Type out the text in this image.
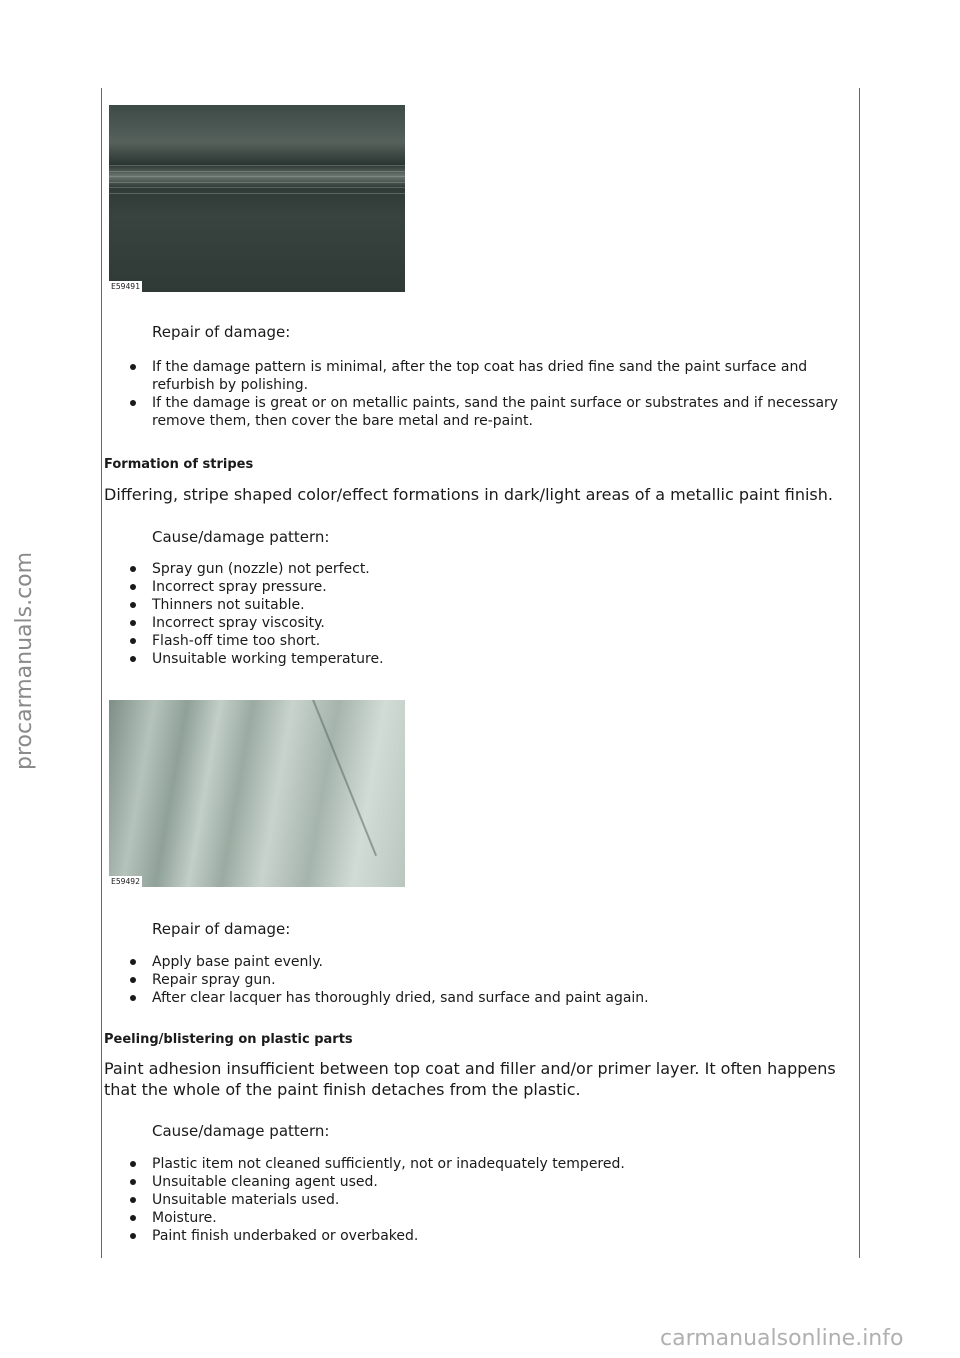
procarmanuals.com
carmanualsonline.info
E59491
Repair of damage:
If the damage pattern is minimal, after the top coat has dried fine sand the paint surface and refurbish by polishing.
If the damage is great or on metallic paints, sand the paint surface or substrates and if necessary remove them, then cover the bare metal and re-paint.
Formation of stripes
Differing, stripe shaped color/effect formations in dark/light areas of a metallic paint finish.
Cause/damage pattern:
Spray gun (nozzle) not perfect.
Incorrect spray pressure.
Thinners not suitable.
Incorrect spray viscosity.
Flash-off time too short.
Unsuitable working temperature.
E59492
Repair of damage:
Apply base paint evenly.
Repair spray gun.
After clear lacquer has thoroughly dried, sand surface and paint again.
Peeling/blistering on plastic parts
Paint adhesion insufficient between top coat and filler and/or primer layer. It often happens that the whole of the paint finish detaches from the plastic.
Cause/damage pattern:
Plastic item not cleaned sufficiently, not or inadequately tempered.
Unsuitable cleaning agent used.
Unsuitable materials used.
Moisture.
Paint finish underbaked or overbaked.
